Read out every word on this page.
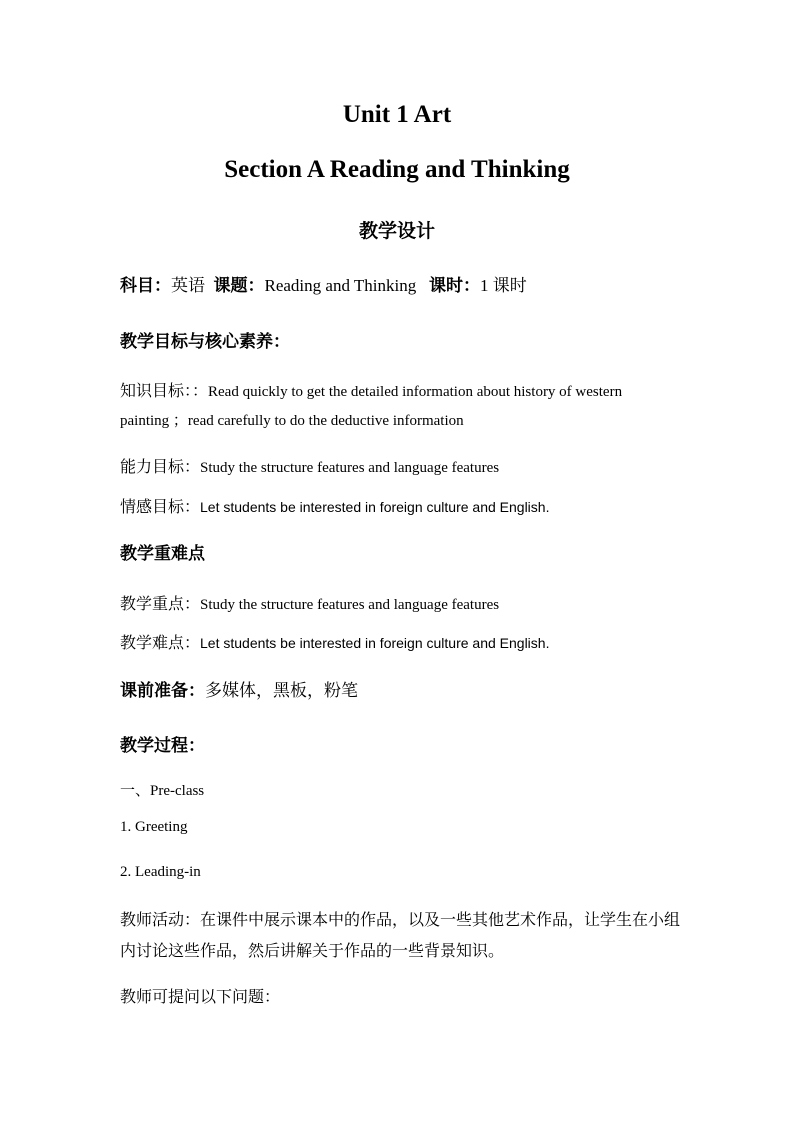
Unit 1 Art
Section A Reading and Thinking
教学设计
科目：英语 课题：Reading and Thinking 课时：1 课时
教学目标与核心素养：
知识目标：：Read quickly to get the detailed information about history of western
painting ；read carefully to do the deductive information
能力目标：Study the structure features and language features
情感目标：Let students be interested in foreign culture and English.
教学重难点
教学重点：Study the structure features and language features
教学难点：Let students be interested in foreign culture and English.
课前准备：多媒体，黑板，粉笔
教学过程：
一、Pre-class
1. Greeting
2. Leading-in
教师活动：在课件中展示课本中的作品，以及一些其他艺术作品，让学生在小组
内讨论这些作品，然后讲解关于作品的一些背景知识。
教师可提问以下问题：
